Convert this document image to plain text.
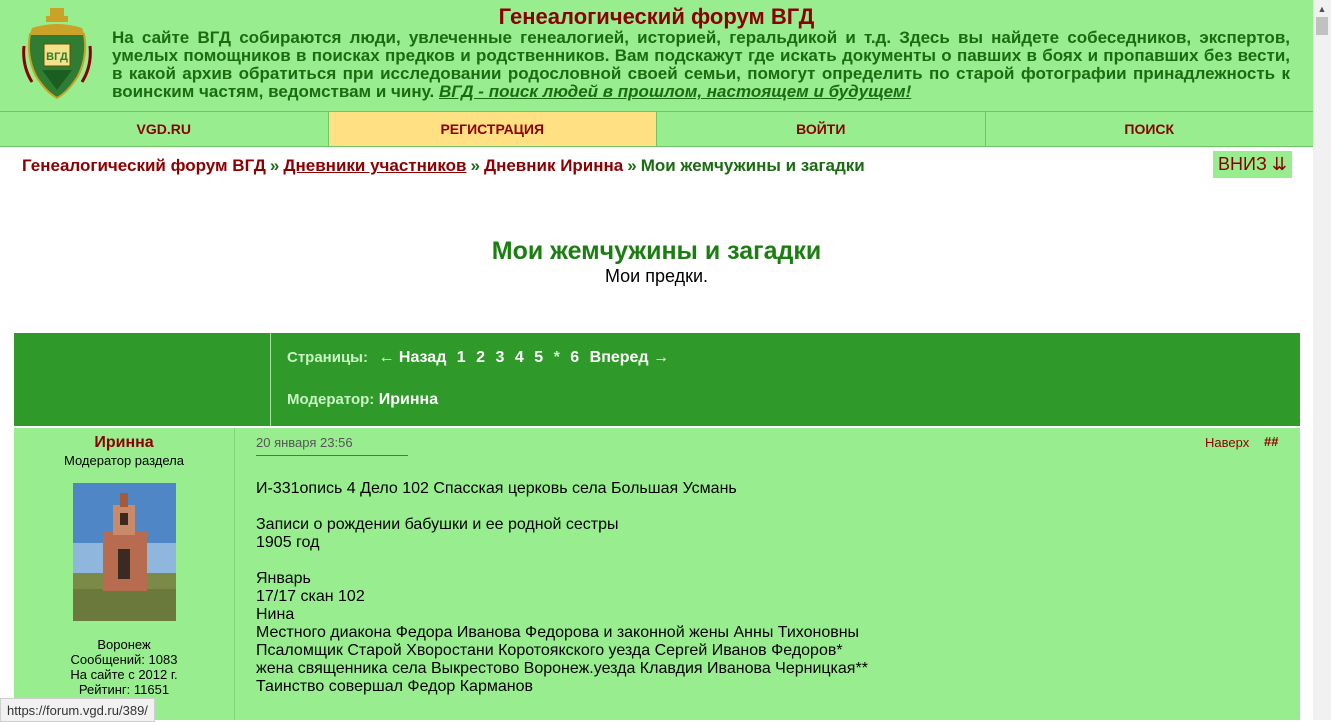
ВГД
Генеалогический форум ВГД
На сайте ВГД собираются люди, увлеченные генеалогией, историей, геральдикой и т.д. Здесь вы найдете собеседников, экспертов, умелых помощников в поисках предков и родственников. Вам подскажут где искать документы о павших в боях и пропавших без вести, в какой архив обратиться при исследовании родословной своей семьи, помогут определить по старой фотографии принадлежность к воинским частям, ведомствам и чину. ВГД - поиск людей в прошлом, настоящем и будущем!
VGD.RU	РЕГИСТРАЦИЯ	ВОЙТИ	ПОИСК
Генеалогический форум ВГД » Дневники участников » Дневник Иринна » Мои жемчужины и загадки	ВНИЗ ⇊
Мои жемчужины и загадки
Мои предки.
Страницы: ← Назад 1 2 3 4 5 * 6 Вперед →
Модератор: Иринна
Иринна
Модератор раздела
Воронеж
Сообщений: 1083
На сайте с 2012 г.
Рейтинг: 11651
20 января 23:56	Наверх ##
И-331опись 4 Дело 102 Спасская церковь села Большая Усмань

Записи о рождении бабушки и ее родной сестры
1905 год

Январь
17/17 скан 102
Нина
Местного диакона Федора Иванова Федорова и законной жены Анны Тихоновны
Псаломщик Старой Хворостани Коротоякского уезда Сергей Иванов Федоров*
жена священника села Выкрестово Воронеж.уезда Клавдия Иванова Черницкая**
Таинство совершал Федор Карманов
▲
https://forum.vgd.ru/389/
